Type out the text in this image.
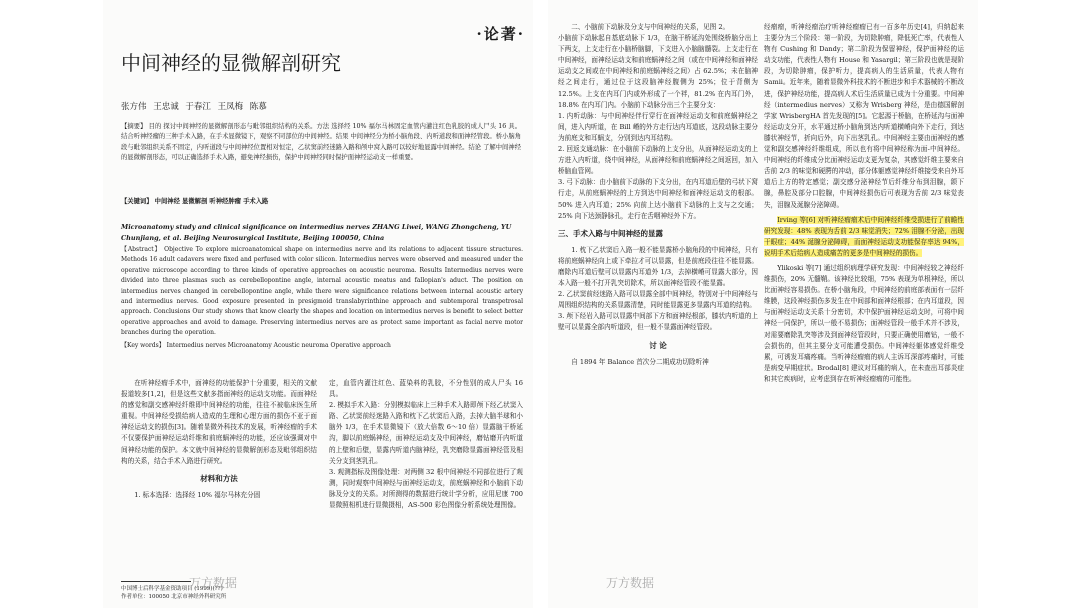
·论著·
中间神经的显微解剖研究
张方伟 王忠诚 于春江 王凤梅 陈慕
【摘要】 目的 探讨中间神经的显微解剖形态与毗邻组织结构的关系。方法 选择经 10% 福尔马林固定血管内灌注红色乳胶的成人尸头 16 具。结合听神经瘤的三种手术入路，在手术显微镜下，观察不同部位的中间神经。结果 中间神经分为桥小脑角段、内听道段和面神经管段。桥小脑角段与毗邻组织关系不固定，内听道段与中间神经位置相对恒定，乙状窦前经迷路入路和颅中窝入路可以较好地显露中间神经。结论 了解中间神经的显微解剖形态，可以正确选择手术入路，避免神经损伤，保护中间神经同时保护面神经运动支一样重要。
【关键词】 中间神经 显微解剖 听神经肿瘤 手术入路
Microanatomy study and clinical significance on intermedius nerves ZHANG Liwei, WANG Zhongcheng, YU Chunjiang, et al. Beijing Neurosurgical Institute, Beijing 100050, China
【Abstract】 Objective To explore microanatomical shape on intermedius nerve and its relations to adjacent tissure structures. Methods 16 adult cadavers were fixed and perfused with color silicon. Intermedius nerves were observed and measured under the operative microscope according to three kinds of operative approaches on acoustic neuroma. Results Intermedius nerves were divided into three plasmas such as cerebellopontine angle, internal acoustic meatus and fallopian's aduct. The position on intermedius nerves changed in cerebellopontine angle, while there were significance relations between internal acoustic artery and intermedius nerves. Good exposure presented in presigmoid translabyrinthine approach and subtemporal transpetrosal approach. Conclusions Our study shows that know clearly the shapes and location on intermedius nerves is benefit to select better operative approaches and avoid to damage. Preserving intermedius nerves are as protect same important as facial nerve motor branches during the operation.
【Key words】 Intermedius nerves Microanatomy Acoustic neuroma Operative approach

在听神经瘤手术中，面神经的功能保护十分重要，相关的文献报道较多[1,2]，但是这些文献多指面神经的运动支功能。而面神经的感觉和副交感神经纤维即中间神经的功能，往往不被临床医生所重视。中间神经受损给病人造成的生理和心理方面的损伤不亚于面神经运动支的损伤[3]。随着显微外科技术的发展，听神经瘤的手术不仅要保护面神经运动纤维和前庭蜗神经的功能，还应该强调对中间神经功能的保护。本文就中间神经的显微解剖形态及毗邻组织结构的关系，结合手术入路进行研究。

材料和方法

1. 标本选择：选择经 10% 福尔马林充分固

定，血管内灌注红色、蓝染料的乳胶，不分性别的成人尸头 16 具。
2. 模拟手术入路：分别模拟临床上三种手术入路即颅下经乙状窦入路、乙状窦前经迷路入路和枕下乙状窦后入路，去掉大脑半球和小脑外 1/3，在手术显微镜下（放大倍数 6～10 倍）显露脑干桥延沟，脚以前庭蜗神经，面神经运动支及中间神经，磨钻磨开内听道的上壁和后壁，显露内听道内脑神经，乳突磨除显露面神经管及相关分支到茎乳孔。
3. 观测指标及图像处理：对两侧 32 根中间神经不同部位进行了观测，同时观察中间神经与面神经运动支，前庭蜗神经和小脑前下动脉及分支的关系。对所测得的数据进行统计学分析，应用尼康 700 显微照相机进行显微摄相，AS-500 彩色图像分析系统处理图像。
中国博士后科学基金资助项目 (1999)(??)
作者单位：100050 北京市神经外科研究所
万方数据

二、小脑前下动脉及分支与中间神经的关系，见图 2。
小脑前下动脉起自基底动脉下 1/3，在脑干桥延沟处围绕桥脑分出上下两支，上支走行在小脑桥脑脚，下支进入小脑脑髓裂。上支走行在中间神经，面神经运动支和前庭蜗神经之间（或在中间神经和面神经运动支之间或在中间神经和前庭蜗神经之间）占 62.5%；未在脑神经之间走行，通过位于这段脑神经腹侧为 25%；位于背侧为 12.5%。上支在内耳门内或外形成了一个袢，81.2% 在内耳门外，18.8% 在内耳门内。小脑前下动脉分出三个主要分支：
1. 内听动脉：与中间神经伴行穿行在面神经运动支和前庭蜗神经之间，进入内听道，在 Bill 嵴的外方走行达内耳道底，这段动脉主要分为前庭支和耳蜗支，分别到达内耳结构。
2. 回返支通动脉：在小脑前下动脉的上支分出，从面神经运动支的上方进入内听道，绕中间神经，从面神经和前庭蜗神经之间返回，加入桥脑血管网。
3. 弓下动脉：由小脑前下动脉的下支分出，在内耳道后壁的弓状下窝行走，从前庭蜗神经的上方到达中间神经和面神经运动支的根部。50% 进入内耳道；25% 向前上达小脑前下动脉的上支与之交通；25% 向下达颈静脉孔，走行在舌咽神经外下方。

三、手术入路与中间神经的显露

1. 枕下乙状窦后入路一般不能显露桥小脑角段的中间神经，只有将前庭蜗神经向上或下牵拉才可以显露，但是前庭段往往不能显露。磨除内耳道后壁可以显露内耳道外 1/3，去掉横嵴可显露大部分，因本入路一般不打开乳突切除术，所以面神经管段不能显露。
2. 乙状窦前经迷路入路可以显露全部中间神经，特别对于中间神经与周围组织结构的关系显露清楚，同时能显露更多显露内耳道的结构。
3. 颅下经岩入路可以显露中间部下方和面神经根部，膝状内听道的上壁可以显露全部内听道段，但一般不显露面神经管段。

讨 论

自 1894 年 Balance 首次分二期成功切除听神

经瘤瘤，听神经瘤治疗听神经瘤瘤已有一百多年历史[4]，归纳起来主要分为三个阶段：第一阶段，为切除肿瘤，降低死亡率，代表性人物有 Cushing 和 Dandy；第二阶段为保留神经，保护面神经的运动支功能，代表性人物有 House 和 Yasargil；第三阶段也就是现阶段，为切除肿瘤，保护听力，提高病人的生活质量，代表人物有 Samii。近年来，随着显微外科技术的不断进步和手术器械的不断改进，保护神经功能，提高病人术后生活质量已成为十分重要。中间神经（intermedius nerves）又称为 Wrisberg 神经，是由德国解剖学家 WrisbergHA 首先发现的[5]。它起源于桥脑，在桥延沟与面神经运动支分开，水平通过桥小脑角到达内听道横嵴向外下走行，到达膝状神经节，折向后外，向下出茎乳孔。中间神经主要由面神经的感觉和副交感神经纤维组成，所以也有将中间神经称为面-中间神经。中间神经的纤维成分比面神经运动支更为复杂，其感觉纤维主要来自舌前 2/3 的味觉和硬腭的冲动，部分体躯感觉神经纤维接受来自外耳道后上方的特定感觉；副交感分泌神经节后纤维分布到泪腺，颌下腺，鼻腔及部分口腔腺，中间神经损伤后可表现为舌前 2/3 味觉丧失，泪腺及涎腺分泌障碍。

Irving 等[6] 对听神经瘤瘤术后中间神经纤维受损进行了前瞻性研究发现：48% 表现为舌前 2/3 味觉消失；72% 泪腺不分泌，出现干眼症；44% 涎腺分泌障碍，而面神经运动支功能保存率达 94%，说明手术后给病人造成痛苦的更多是中间神经的损伤。

Ylikoski 等[7] 通过组织病理学研究发现：中间神经较之神经纤维损伤，20% 无髓鞘。该神经比较细，75% 表现为单根神经，所以比面神经容易损伤。在桥小脑角段，中间神经的前庭部表面有一层纤维膜，这段神经损伤多发生在中间部和面神经根部；在内耳道段，因与面神经运动支关系十分密切，术中保护面神经运动支时，可将中间神经一同保护，所以一般不易损伤；面神经管段一般手术并不涉及，对需要磨除乳突等涉及到面神经管段时，只要正确使用磨钻，一般不会损伤的，但其主要分支可能遭受损伤。中间神经躯体感觉纤维受累，可诱发耳痛疼痛。当听神经瘤瘤的病人主诉耳深部疼痛时，可能是病变早期症状。Brodal[8] 建议对耳痛的病人，在未查出耳部炎症和其它疾病时，应考虑到存在听神经瘤瘤的可能性。

万方数据
